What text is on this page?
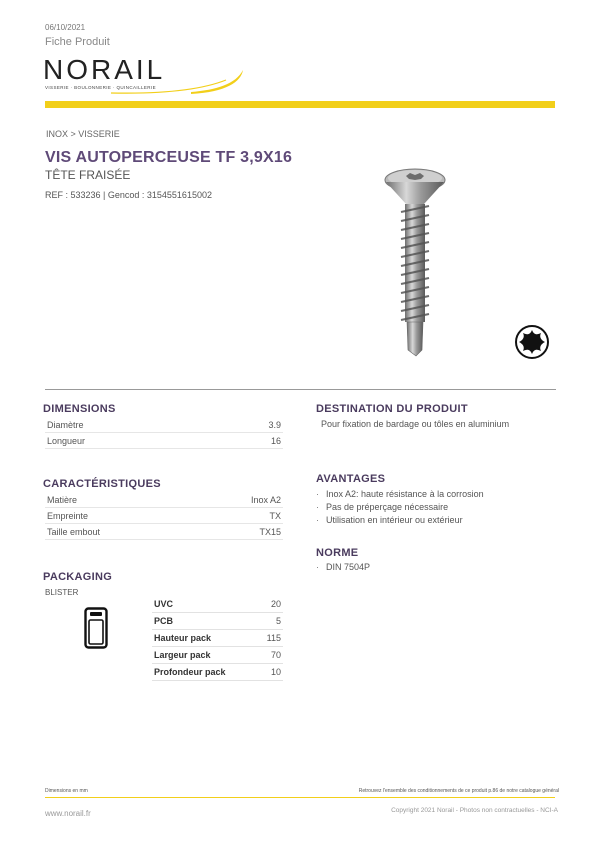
06/10/2021
Fiche Produit
NORAIL
VISSERIE · BOULONNERIE · QUINCAILLERIE
INOX > VISSERIE
VIS AUTOPERCEUSE TF 3,9X16
TÊTE FRAISÉE
REF : 533236 | Gencod : 3154551615002
DIMENSIONS
Diamètre	3.9
Longueur	16
CARACTÉRISTIQUES
Matière	Inox A2
Empreinte	TX
Taille embout	TX15
PACKAGING
BLISTER
UVC	20
PCB	5
Hauteur pack	115
Largeur pack	70
Profondeur pack	10
DESTINATION DU PRODUIT
Pour fixation de bardage ou tôles en aluminium
AVANTAGES
· Inox A2: haute résistance à la corrosion
· Pas de préperçage nécessaire
· Utilisation en intérieur ou extérieur
NORME
· DIN 7504P
Dimensions en mm	Retrouvez l'ensemble des conditionnements de ce produit p.86 de notre catalogue général
www.norail.fr	Copyright 2021 Norail - Photos non contractuelles - NCI-A
